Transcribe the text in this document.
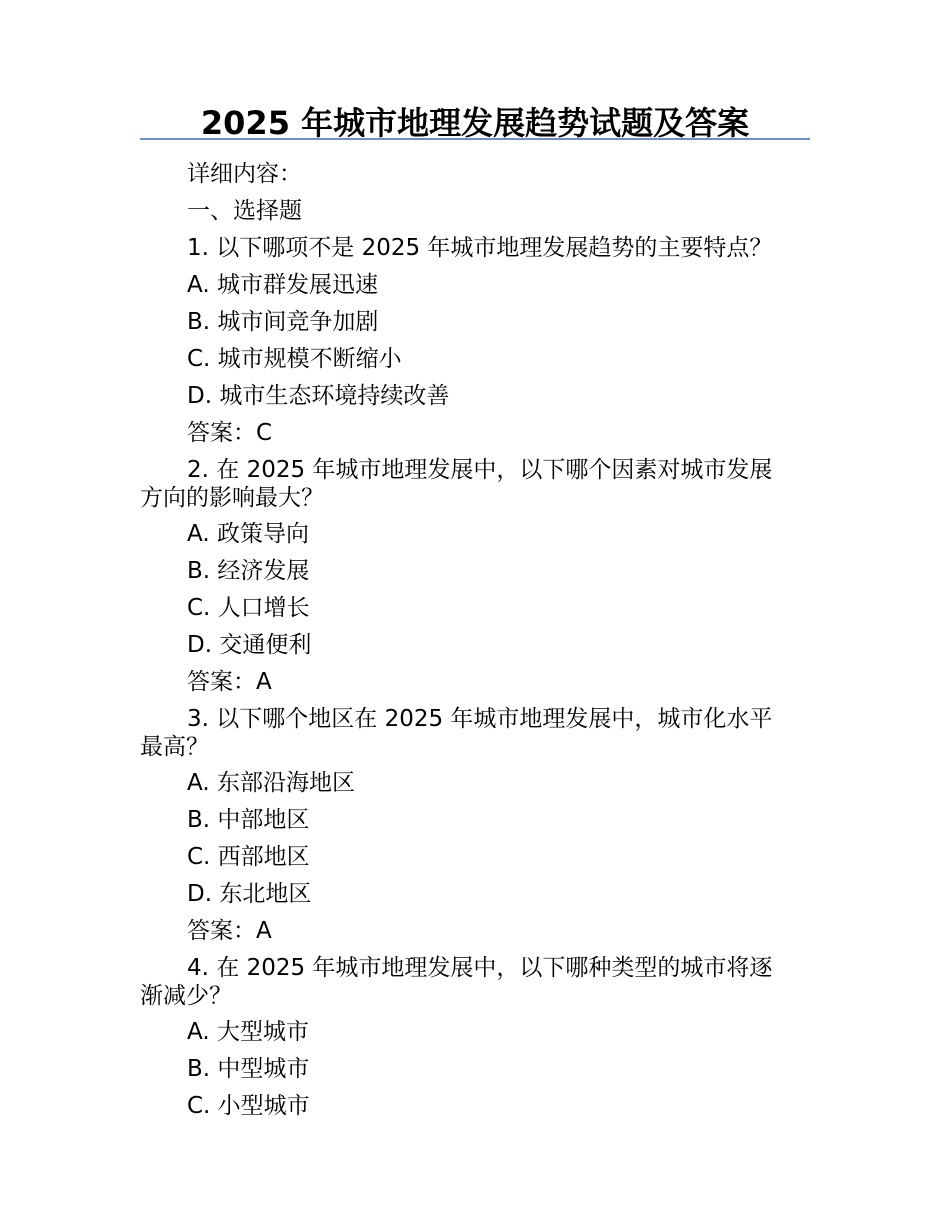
2025 年城市地理发展趋势试题及答案
详细内容：
一、选择题
1. 以下哪项不是 2025 年城市地理发展趋势的主要特点？
A. 城市群发展迅速
B. 城市间竞争加剧
C. 城市规模不断缩小
D. 城市生态环境持续改善
答案：C
2. 在 2025 年城市地理发展中，以下哪个因素对城市发展
方向的影响最大？
A. 政策导向
B. 经济发展
C. 人口增长
D. 交通便利
答案：A
3. 以下哪个地区在 2025 年城市地理发展中，城市化水平
最高？
A. 东部沿海地区
B. 中部地区
C. 西部地区
D. 东北地区
答案：A
4. 在 2025 年城市地理发展中，以下哪种类型的城市将逐
渐减少？
A. 大型城市
B. 中型城市
C. 小型城市
